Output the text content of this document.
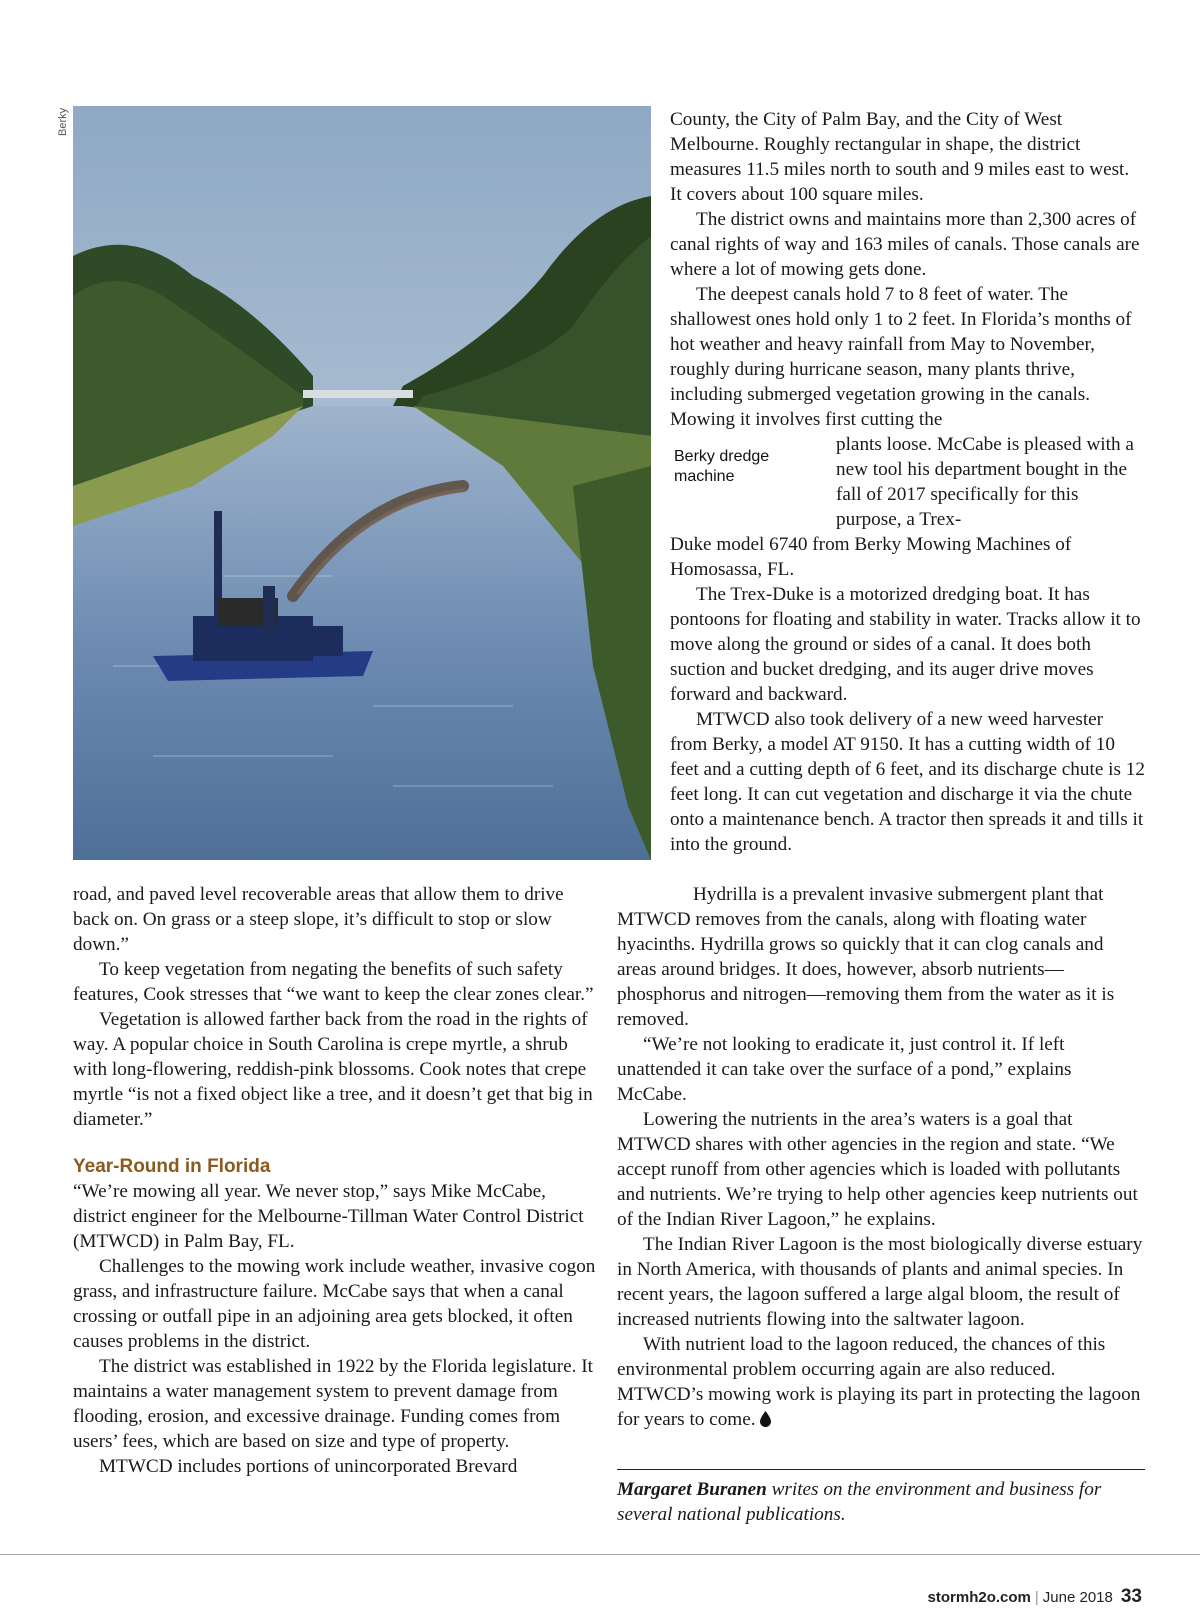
Berky
Berky dredge machine

County, the City of Palm Bay, and the City of West Melbourne. Roughly rectangular in shape, the district measures 11.5 miles north to south and 9 miles east to west. It covers about 100 square miles.

The district owns and maintains more than 2,300 acres of canal rights of way and 163 miles of canals. Those canals are where a lot of mowing gets done.

The deepest canals hold 7 to 8 feet of water. The shallowest ones hold only 1 to 2 feet. In Florida’s months of hot weather and heavy rainfall from May to November, roughly during hurricane season, many plants thrive, including submerged vegetation growing in the canals. Mowing it involves first cutting the

plants loose. McCabe is pleased with a new tool his department bought in the fall of 2017 specifically for this purpose, a Trex-

Duke model 6740 from Berky Mowing Machines of Homosassa, FL.

The Trex-Duke is a motorized dredging boat. It has pontoons for floating and stability in water. Tracks allow it to move along the ground or sides of a canal. It does both suction and bucket dredging, and its auger drive moves forward and backward.

MTWCD also took delivery of a new weed harvester from Berky, a model AT 9150. It has a cutting width of 10 feet and a cutting depth of 6 feet, and its discharge chute is 12 feet long. It can cut vegetation and discharge it via the chute onto a maintenance bench. A tractor then spreads it and tills it into the ground.

Hydrilla is a prevalent invasive submergent plant that MTWCD removes from the canals, along with floating water hyacinths. Hydrilla grows so quickly that it can clog canals and areas around bridges. It does, however, absorb nutrients—phosphorus and nitrogen—removing them from the water as it is removed.

“We’re not looking to eradicate it, just control it. If left unattended it can take over the surface of a pond,” explains McCabe.

Lowering the nutrients in the area’s waters is a goal that MTWCD shares with other agencies in the region and state. “We accept runoff from other agencies which is loaded with pollutants and nutrients. We’re trying to help other agencies keep nutrients out of the Indian River Lagoon,” he explains.

The Indian River Lagoon is the most biologically diverse estuary in North America, with thousands of plants and animal species. In recent years, the lagoon suffered a large algal bloom, the result of increased nutrients flowing into the saltwater lagoon.

With nutrient load to the lagoon reduced, the chances of this environmental problem occurring again are also reduced. MTWCD’s mowing work is playing its part in protecting the lagoon for years to come.

road, and paved level recoverable areas that allow them to drive back on. On grass or a steep slope, it’s difficult to stop or slow down.”

To keep vegetation from negating the benefits of such safety features, Cook stresses that “we want to keep the clear zones clear.”

Vegetation is allowed farther back from the road in the rights of way. A popular choice in South Carolina is crepe myrtle, a shrub with long-flowering, reddish-pink blossoms. Cook notes that crepe myrtle “is not a fixed object like a tree, and it doesn’t get that big in diameter.”

Year-Round in Florida

“We’re mowing all year. We never stop,” says Mike McCabe, district engineer for the Melbourne-Tillman Water Control District (MTWCD) in Palm Bay, FL.

Challenges to the mowing work include weather, invasive cogon grass, and infrastructure failure. McCabe says that when a canal crossing or outfall pipe in an adjoining area gets blocked, it often causes problems in the district.

The district was established in 1922 by the Florida legislature. It maintains a water management system to prevent damage from flooding, erosion, and excessive drainage. Funding comes from users’ fees, which are based on size and type of property.

MTWCD includes portions of unincorporated Brevard

Margaret Buranen writes on the environment and business for several national publications.
stormh2o.com | June 2018 33
